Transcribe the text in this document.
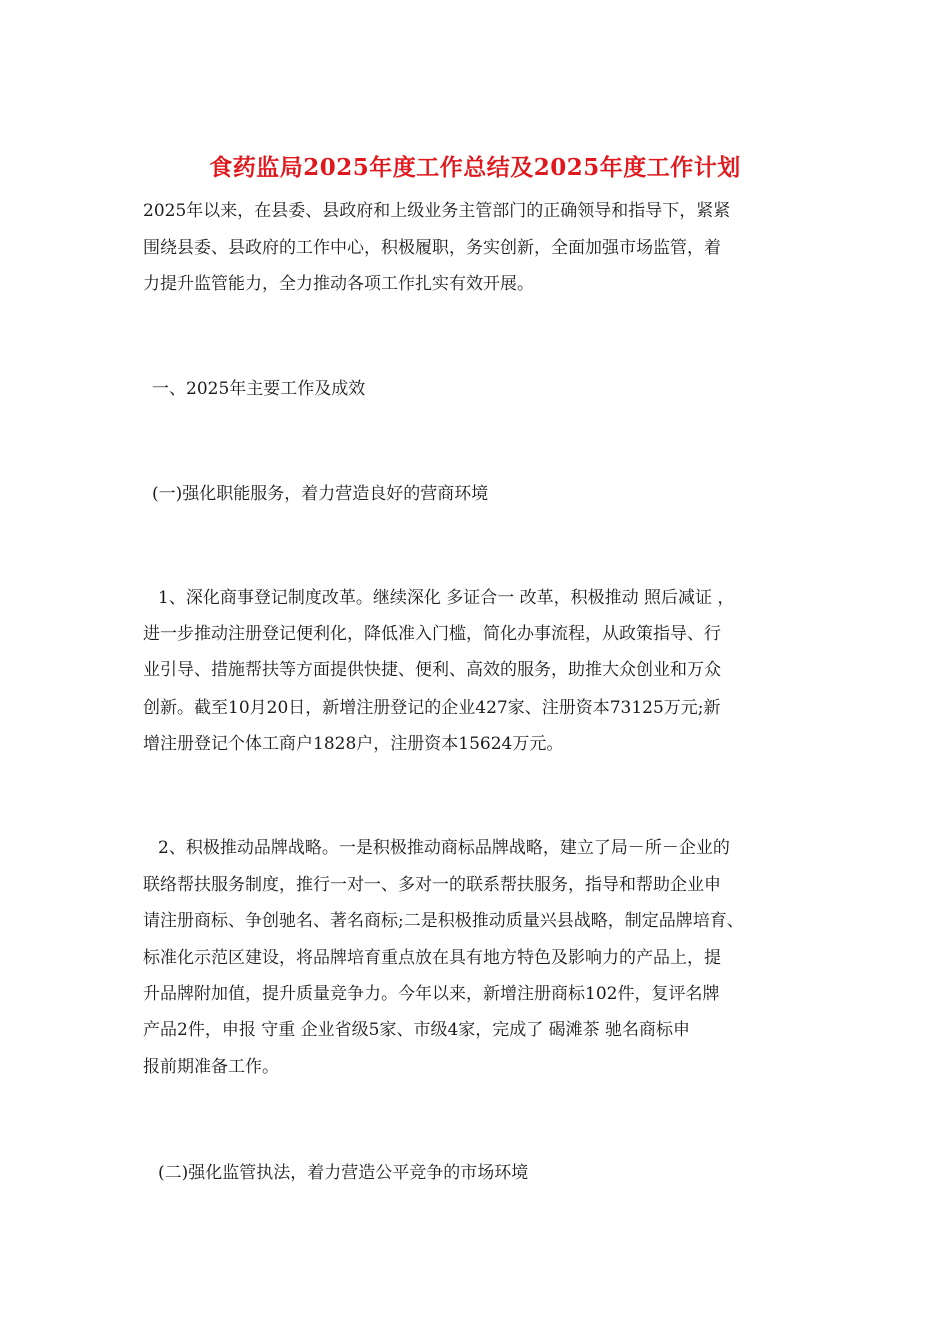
食药监局2025年度工作总结及2025年度工作计划
2025年以来，在县委、县政府和上级业务主管部门的正确领导和指导下，紧紧
围绕县委、县政府的工作中心，积极履职，务实创新，全面加强市场监管，着
力提升监管能力，全力推动各项工作扎实有效开展。
一、2025年主要工作及成效
(一)强化职能服务，着力营造良好的营商环境
1、深化商事登记制度改革。继续深化 多证合一 改革，积极推动 照后减证 ，
进一步推动注册登记便利化，降低准入门槛，简化办事流程，从政策指导、行
业引导、措施帮扶等方面提供快捷、便利、高效的服务，助推大众创业和万众
创新。截至10月20日，新增注册登记的企业427家、注册资本73125万元;新
增注册登记个体工商户1828户，注册资本15624万元。
2、积极推动品牌战略。一是积极推动商标品牌战略，建立了局－所－企业的
联络帮扶服务制度，推行一对一、多对一的联系帮扶服务，指导和帮助企业申
请注册商标、争创驰名、著名商标;二是积极推动质量兴县战略，制定品牌培育、
标准化示范区建设，将品牌培育重点放在具有地方特色及影响力的产品上，提
升品牌附加值，提升质量竞争力。今年以来，新增注册商标102件，复评名牌
产品2件，申报 守重 企业省级5家、市级4家，完成了 碣滩茶 驰名商标申
报前期准备工作。
(二)强化监管执法，着力营造公平竞争的市场环境
